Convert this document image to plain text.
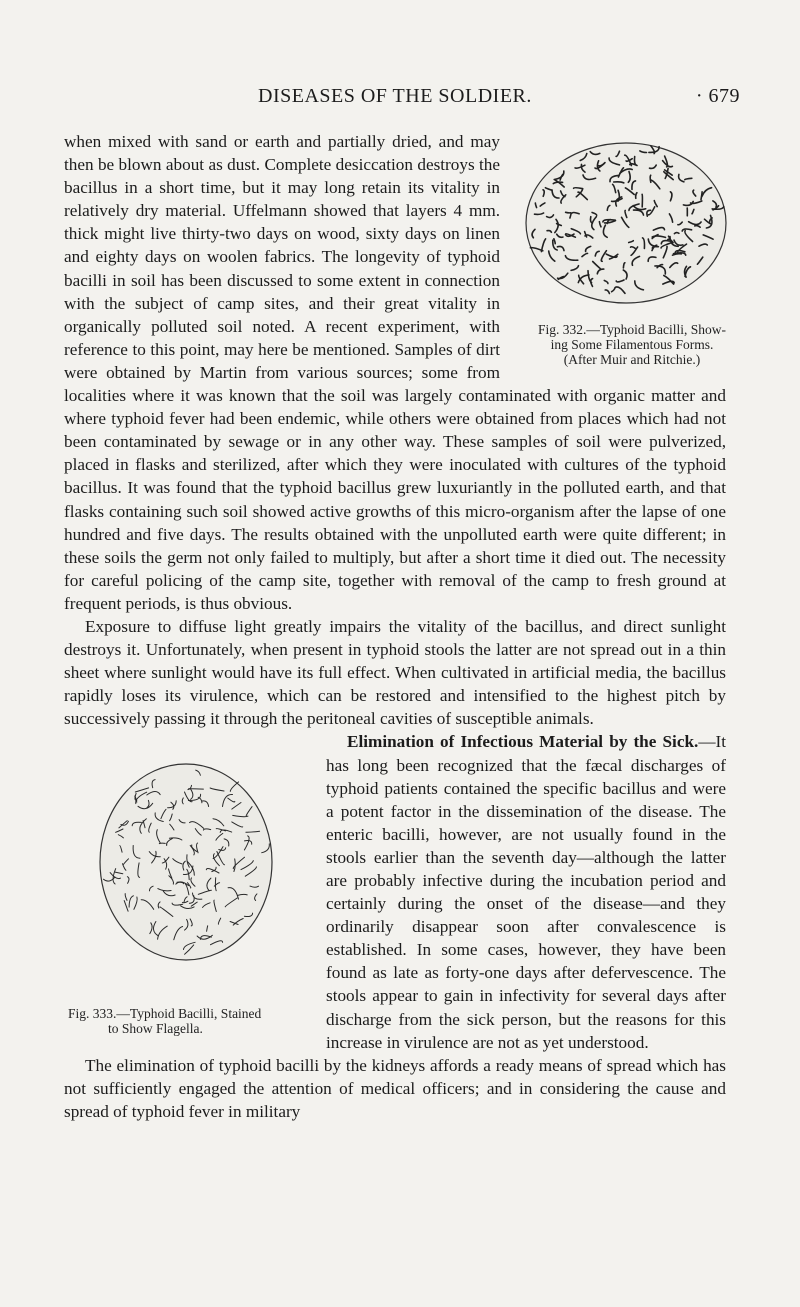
DISEASES OF THE SOLDIER.	· 679
Fig. 332.—Typhoid Bacilli, Show-
ing Some Filamentous Forms.
(After Muir and Ritchie.)

when mixed with sand or earth and partially dried, and may then be blown about as dust. Complete desiccation destroys the bacillus in a short time, but it may long retain its vitality in relatively dry material. Uffelmann showed that layers 4 mm. thick might live thirty-two days on wood, sixty days on linen and eighty days on woolen fabrics. The longevity of typhoid bacilli in soil has been discussed to some extent in connection with the subject of camp sites, and their great vitality in organically polluted soil noted. A recent experiment, with reference to this point, may here be mentioned. Samples of dirt were obtained by Martin from various sources; some from localities where it was known that the soil was largely contaminated with organic matter and where typhoid fever had been endemic, while others were obtained from places which had not been contaminated by sewage or in any other way. These samples of soil were pulverized, placed in flasks and sterilized, after which they were inoculated with cultures of the typhoid bacillus. It was found that the typhoid bacillus grew luxuriantly in the polluted earth, and that flasks containing such soil showed active growths of this micro-organism after the lapse of one hundred and five days. The results obtained with the unpolluted earth were quite different; in these soils the germ not only failed to multiply, but after a short time it died out. The necessity for careful policing of the camp site, together with removal of the camp to fresh ground at frequent periods, is thus obvious.

Exposure to diffuse light greatly impairs the vitality of the bacillus, and direct sunlight destroys it. Unfortunately, when present in typhoid stools the latter are not spread out in a thin sheet where sunlight would have its full effect. When cultivated in artificial media, the bacillus rapidly loses its virulence, which can be restored and intensified to the highest pitch by successively passing it through the peritoneal cavities of susceptible animals.

Fig. 333.—Typhoid Bacilli, Stained
to Show Flagella.

Elimination of Infectious Material by the Sick.—It has long been recognized that the fæcal discharges of typhoid patients contained the specific bacillus and were a potent factor in the dissemination of the disease. The enteric bacilli, however, are not usually found in the stools earlier than the seventh day—although the latter are probably infective during the incubation period and certainly during the onset of the disease—and they ordinarily disappear soon after convalescence is established. In some cases, however, they have been found as late as forty-one days after defervescence. The stools appear to gain in infectivity for several days after discharge from the sick person, but the reasons for this increase in virulence are not as yet understood.

The elimination of typhoid bacilli by the kidneys affords a ready means of spread which has not sufficiently engaged the attention of medical officers; and in considering the cause and spread of typhoid fever in military
